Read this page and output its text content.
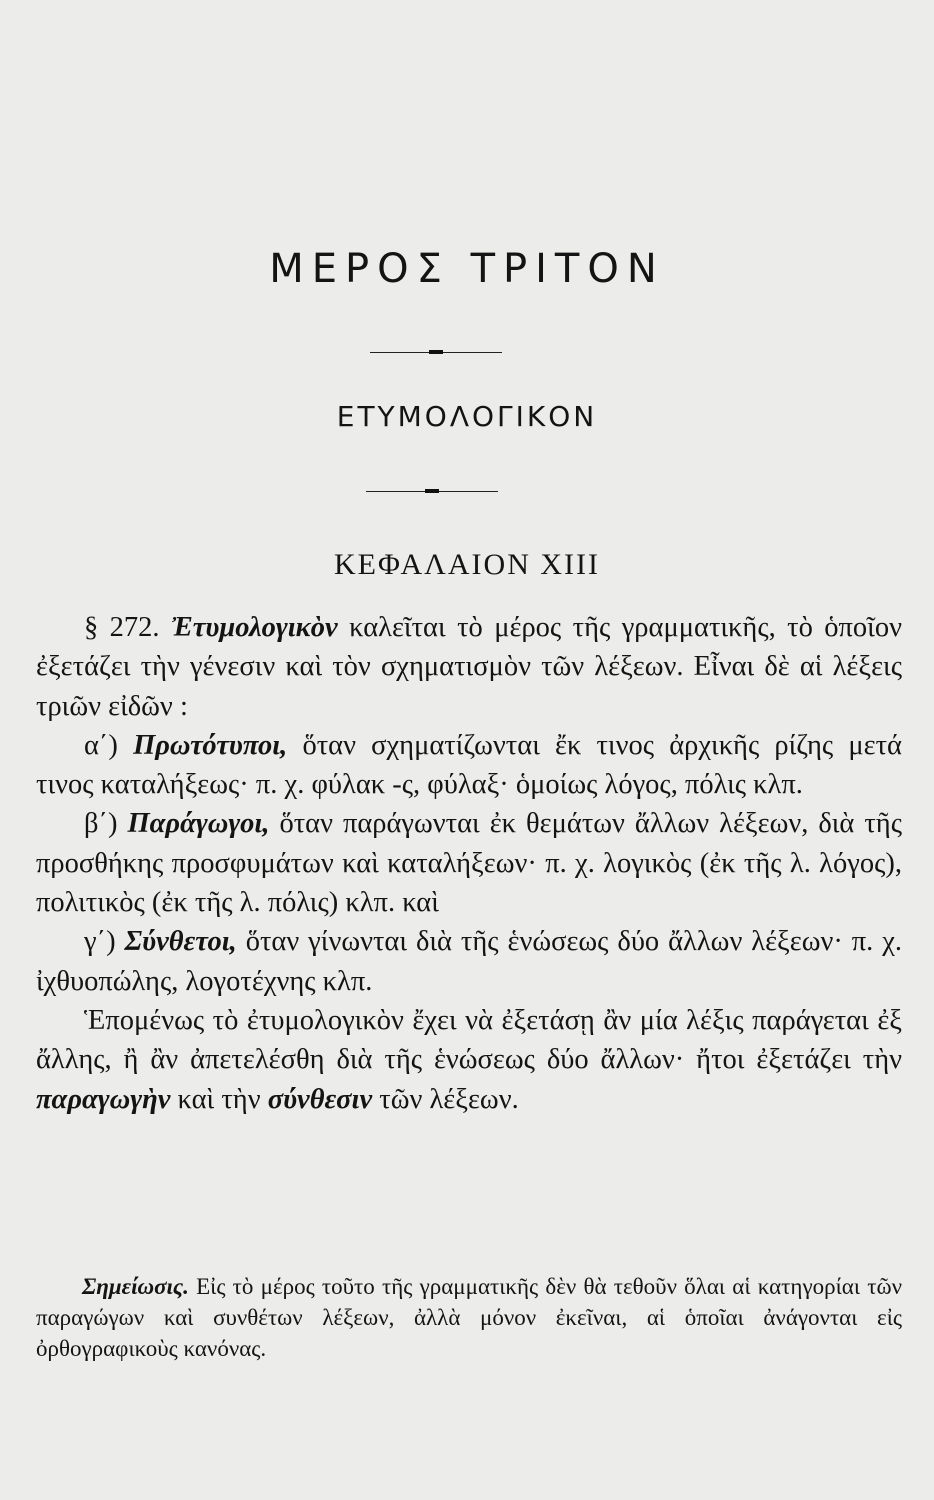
ΜΕΡΟΣ ΤΡΙΤΟΝ
ΕΤΥΜΟΛΟΓΙΚΟΝ
ΚΕΦΑΛΑΙΟΝ XIII

§ 272. Ἐτυμολογικὸν καλεῖται τὸ μέρος τῆς γραμματικῆς, τὸ ὁποῖον ἐξετάζει τὴν γένεσιν καὶ τὸν σχηματισμὸν τῶν λέξεων. Εἶναι δὲ αἱ λέξεις τριῶν εἰδῶν :

α΄) Πρωτότυποι, ὅταν σχηματίζωνται ἔκ τινος ἀρχικῆς ρίζης μετά τινος καταλήξεως· π. χ. φύλακ -ς, φύλαξ· ὁμοίως λόγος, πόλις κλπ.

β΄) Παράγωγοι, ὅταν παράγωνται ἐκ θεμάτων ἄλλων λέξεων, διὰ τῆς προσθήκης προσφυμάτων καὶ καταλήξεων· π. χ. λογικὸς (ἐκ τῆς λ. λόγος), πολιτικὸς (ἐκ τῆς λ. πόλις) κλπ. καὶ

γ΄) Σύνθετοι, ὅταν γίνωνται διὰ τῆς ἑνώσεως δύο ἄλλων λέξεων· π. χ. ἰχθυοπώλης, λογοτέχνης κλπ.

Ἑπομένως τὸ ἐτυμολογικὸν ἔχει νὰ ἐξετάσῃ ἂν μία λέξις παράγεται ἐξ ἄλλης, ἢ ἂν ἀπετελέσθη διὰ τῆς ἑνώσεως δύο ἄλλων· ἤτοι ἐξετάζει τὴν παραγωγὴν καὶ τὴν σύνθεσιν τῶν λέξεων.

Σημείωσις. Εἰς τὸ μέρος τοῦτο τῆς γραμματικῆς δὲν θὰ τεθοῦν ὅλαι αἱ κατηγορίαι τῶν παραγώγων καὶ συνθέτων λέξεων, ἀλλὰ μόνον ἐκεῖναι, αἱ ὁποῖαι ἀνάγονται εἰς ὀρθογραφικοὺς κανόνας.
